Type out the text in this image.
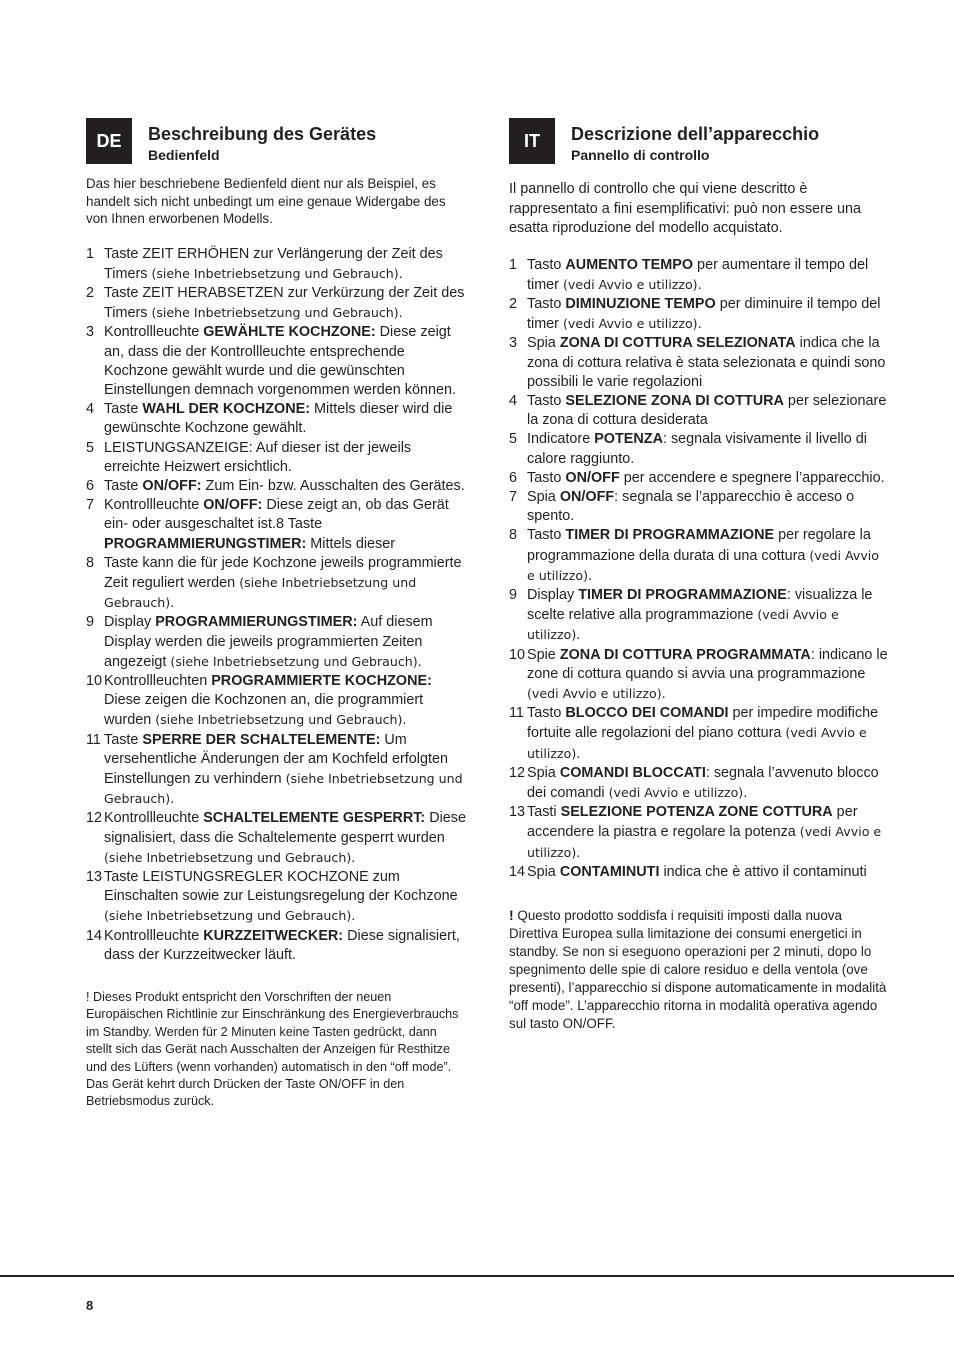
DE	Beschreibung des Gerätes
Bedienfeld

Das hier beschriebene Bedienfeld dient nur als Beispiel, es handelt sich nicht unbedingt um eine genaue Widergabe des von Ihnen erworbenen Modells.

1 Taste ZEIT ERHÖHEN zur Verlängerung der Zeit des Timers (siehe Inbetriebsetzung und Gebrauch).
2 Taste ZEIT HERABSETZEN zur Verkürzung der Zeit des Timers (siehe Inbetriebsetzung und Gebrauch).
3 Kontrollleuchte GEWÄHLTE KOCHZONE: Diese zeigt an, dass die der Kontrollleuchte entsprechende Kochzone gewählt wurde und die gewünschten Einstellungen demnach vorgenommen werden können.
4 Taste WAHL DER KOCHZONE: Mittels dieser wird die gewünschte Kochzone gewählt.
5 LEISTUNGSANZEIGE: Auf dieser ist der jeweils erreichte Heizwert ersichtlich.
6 Taste ON/OFF: Zum Ein- bzw. Ausschalten des Gerätes.
7 Kontrollleuchte ON/OFF: Diese zeigt an, ob das Gerät ein- oder ausgeschaltet ist.8 Taste PROGRAMMIERUNGSTIMER: Mittels dieser
8 Taste kann die für jede Kochzone jeweils programmierte Zeit reguliert werden (siehe Inbetriebsetzung und Gebrauch).
9 Display PROGRAMMIERUNGSTIMER: Auf diesem Display werden die jeweils programmierten Zeiten angezeigt (siehe Inbetriebsetzung und Gebrauch).
10 Kontrollleuchten PROGRAMMIERTE KOCHZONE: Diese zeigen die Kochzonen an, die programmiert wurden (siehe Inbetriebsetzung und Gebrauch).
11 Taste SPERRE DER SCHALTELEMENTE: Um versehentliche Änderungen der am Kochfeld erfolgten Einstellungen zu verhindern (siehe Inbetriebsetzung und Gebrauch).
12 Kontrollleuchte SCHALTELEMENTE GESPERRT: Diese signalisiert, dass die Schaltelemente gesperrt wurden (siehe Inbetriebsetzung und Gebrauch).
13 Taste LEISTUNGSREGLER KOCHZONE zum Einschalten sowie zur Leistungsregelung der Kochzone (siehe Inbetriebsetzung und Gebrauch).
14 Kontrollleuchte KURZZEITWECKER: Diese signalisiert, dass der Kurzzeitwecker läuft.

! Dieses Produkt entspricht den Vorschriften der neuen Europäischen Richtlinie zur Einschränkung des Energieverbrauchs im Standby. Werden für 2 Minuten keine Tasten gedrückt, dann stellt sich das Gerät nach Ausschalten der Anzeigen für Resthitze und des Lüfters (wenn vorhanden) automatisch in den “off mode”. Das Gerät kehrt durch Drücken der Taste ON/OFF in den Betriebsmodus zurück.

IT	Descrizione dell’apparecchio
Pannello di controllo

Il pannello di controllo che qui viene descritto è rappresentato a fini esemplificativi: può non essere una esatta riproduzione del modello acquistato.

1 Tasto AUMENTO TEMPO per aumentare il tempo del timer (vedi Avvio e utilizzo).
2 Tasto DIMINUZIONE TEMPO per diminuire il tempo del timer (vedi Avvio e utilizzo).
3 Spia ZONA DI COTTURA SELEZIONATA indica che la zona di cottura relativa è stata selezionata e quindi sono possibili le varie regolazioni
4 Tasto SELEZIONE ZONA DI COTTURA per selezionare la zona di cottura desiderata
5 Indicatore POTENZA: segnala visivamente il livello di calore raggiunto.
6 Tasto ON/OFF per accendere e spegnere l’apparecchio.
7 Spia ON/OFF: segnala se l’apparecchio è acceso o spento.
8 Tasto TIMER DI PROGRAMMAZIONE per regolare la programmazione della durata di una cottura (vedi Avvio e utilizzo).
9 Display TIMER DI PROGRAMMAZIONE: visualizza le scelte relative alla programmazione (vedi Avvio e utilizzo).
10 Spie ZONA DI COTTURA PROGRAMMATA: indicano le zone di cottura quando si avvia una programmazione (vedi Avvio e utilizzo).
11 Tasto BLOCCO DEI COMANDI per impedire modifiche fortuite alle regolazioni del piano cottura (vedi Avvio e utilizzo).
12 Spia COMANDI BLOCCATI: segnala l’avvenuto blocco dei comandi (vedi Avvio e utilizzo).
13 Tasti SELEZIONE POTENZA ZONE COTTURA per accendere la piastra e regolare la potenza (vedi Avvio e utilizzo).
14 Spia CONTAMINUTI indica che è attivo il contaminuti

! Questo prodotto soddisfa i requisiti imposti dalla nuova Direttiva Europea sulla limitazione dei consumi energetici in standby. Se non si eseguono operazioni per 2 minuti, dopo lo spegnimento delle spie di calore residuo e della ventola (ove presenti), l’apparecchio si dispone automaticamente in modalità “off mode”. L’apparecchio ritorna in modalità operativa agendo sul tasto ON/OFF.

8
